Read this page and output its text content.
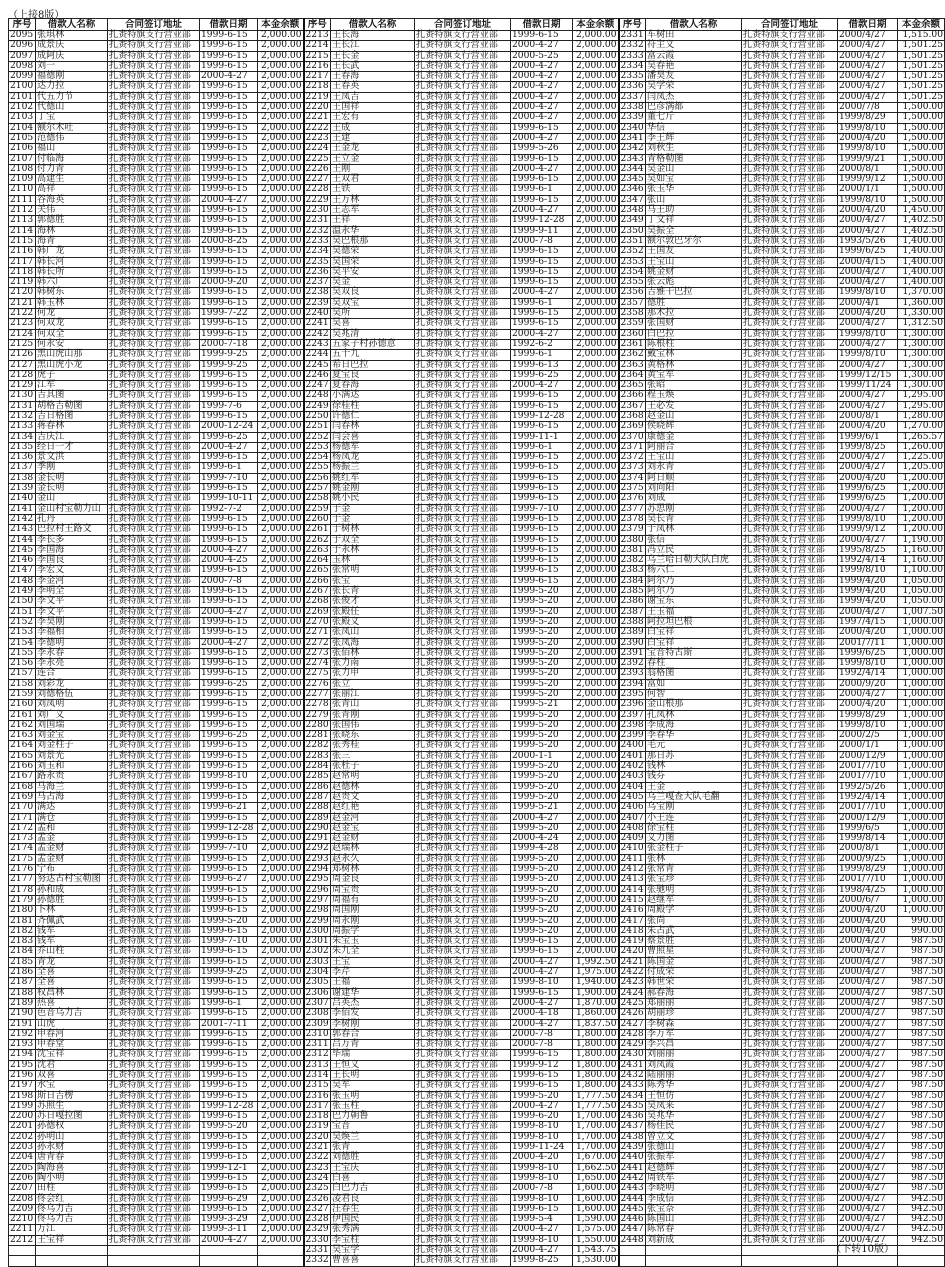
（上接8版）
序号	借款人名称	合同签订地址	借款日期	本金余额	序号	借款人名称	合同签订地址	借款日期	本金余额	序号	借款人名称	合同签订地址	借款日期	本金余额
2095	张琪林	扎赉特旗支行营业部	1999-6-15	2,000.00	2213	王长海	扎赉特旗支行营业部	1999-6-15	2,000.00	2331	车树田	扎赉特旗支行营业部	2000/4/27	1,515.00
2096	成景庆	扎赉特旗支行营业部	1999-6-15	2,000.00	2214	王长江	扎赉特旗支行营业部	2000-4-27	2,000.00	2332	符主义	扎赉特旗支行营业部	2000/4/27	1,501.25
2097	成阿庆	扎赉特旗支行营业部	1999-6-15	2,000.00	2215	王长金	扎赉特旗支行营业部	2000-5-25	2,000.00	2333	富云霞	扎赉特旗支行营业部	2000/4/27	1,501.25
2098	刘一	扎赉特旗支行营业部	1999-6-15	2,000.00	2216	王长武	扎赉特旗支行营业部	2000-4-27	2,000.00	2334	吴春艳	扎赉特旗支行营业部	2000/4/27	1,501.25
2099	福德刚	扎赉特旗支行营业部	2000-4-27	2,000.00	2217	王春海	扎赉特旗支行营业部	2000-4-27	2,000.00	2335	潘昊友	扎赉特旗支行营业部	2000/4/27	1,501.25
2100	达力拉	扎赉特旗支行营业部	1999-6-15	2,000.00	2218	王春英	扎赉特旗支行营业部	2000-4-27	2,000.00	2336	吴学荣	扎赉特旗支行营业部	2000/4/27	1,501.25
2101	代五力节	扎赉特旗支行营业部	1999-6-15	2,000.00	2219	王凤吉	扎赉特旗支行营业部	2000-4-27	2,000.00	2337	闫凤杰	扎赉特旗支行营业部	2000/4/27	1,501.25
2102	代德山	扎赉特旗支行营业部	1999-6-15	2,000.00	2220	王国祥	扎赉特旗支行营业部	2000-4-27	2,000.00	2338	巴彦满都	扎赉特旗支行营业部	2000/7/8	1,500.00
2103	丁宝	扎赉特旗支行营业部	1999-6-15	2,000.00	2221	王宏有	扎赉特旗支行营业部	2000-4-27	2,000.00	2339	董七斤	扎赉特旗支行营业部	1999/8/29	1,500.00
2104	额尔木吐	扎赉特旗支行营业部	1999-6-15	2,000.00	2222	王成	扎赉特旗支行营业部	1999-6-15	2,000.00	2340	华信	扎赉特旗支行营业部	1999/8/10	1,500.00
2105	范德伟	扎赉特旗支行营业部	1999-6-15	2,000.00	2223	王建	扎赉特旗支行营业部	2000-4-27	2,000.00	2341	李王辉	扎赉特旗支行营业部	2000/4/20	1,500.00
2106	福山	扎赉特旗支行营业部	1999-6-15	2,000.00	2224	王金龙	扎赉特旗支行营业部	1999-5-26	2,000.00	2342	刘秋生	扎赉特旗支行营业部	1999/8/10	1,500.00
2107	付临海	扎赉特旗支行营业部	1999-6-15	2,000.00	2225	王立金	扎赉特旗支行营业部	1999-6-15	2,000.00	2343	青格勒图	扎赉特旗支行营业部	1999/9/21	1,500.00
2108	付力青	扎赉特旗支行营业部	1999-6-15	2,000.00	2226	王刚	扎赉特旗支行营业部	2000-4-27	2,000.00	2344	吴金山	扎赉特旗支行营业部	2000/8/1	1,500.00
2109	高建生	扎赉特旗支行营业部	1999-6-15	2,000.00	2227	王双君	扎赉特旗支行营业部	1999-6-15	2,000.00	2345	吴如宝	扎赉特旗支行营业部	1999/9/12	1,500.00
2110	高祥	扎赉特旗支行营业部	1999-6-15	2,000.00	2228	王铁	扎赉特旗支行营业部	1999-6-1	2,000.00	2346	张玉华	扎赉特旗支行营业部	2000/1/1	1,500.00
2111	谷海英	扎赉特旗支行营业部	2000-4-27	2,000.00	2229	王万林	扎赉特旗支行营业部	1999-6-15	2,000.00	2347	张山	扎赉特旗支行营业部	1999/8/10	1,500.00
2112	关伟	扎赉特旗支行营业部	1999-6-15	2,000.00	2230	王志军	扎赉特旗支行营业部	2000-4-27	2,000.00	2348	马王助	扎赉特旗支行营业部	2000/4/20	1,450.00
2113	郭德胜	扎赉特旗支行营业部	1999-6-15	2,000.00	2231	王祥	扎赉特旗支行营业部	1999-12-28	2,000.00	2349	丁文祥	扎赉特旗支行营业部	2000/4/27	1,402.50
2114	海林	扎赉特旗支行营业部	1999-6-15	2,000.00	2232	温永华	扎赉特旗支行营业部	1999-9-11	2,000.00	2350	吴振全	扎赉特旗支行营业部	2000/4/27	1,402.50
2115	海青	扎赉特旗支行营业部	2000-8-25	2,000.00	2233	吴巴根那	扎赉特旗支行营业部	2000-7-8	2,000.00	2351	额尔敦巴牙尔	扎赉特旗支行营业部	1993/5/26	1,400.00
2116	韩广龙	扎赉特旗支行营业部	1999-6-15	2,000.00	2234	吴德荣	扎赉特旗支行营业部	1999-6-15	2,000.00	2352	王国友	扎赉特旗支行营业部	1999/6/25	1,400.00
2117	韩长河	扎赉特旗支行营业部	1999-6-15	2,000.00	2235	吴国荣	扎赉特旗支行营业部	1999-6-15	2,000.00	2353	王宝山	扎赉特旗支行营业部	2000/4/15	1,400.00
2118	韩长所	扎赉特旗支行营业部	1999-6-15	2,000.00	2236	吴平安	扎赉特旗支行营业部	1999-6-15	2,000.00	2354	姚金财	扎赉特旗支行营业部	2000/4/27	1,400.00
2119	韩六广	扎赉特旗支行营业部	2000-9-20	2,000.00	2237	吴金	扎赉特旗支行营业部	1999-6-15	2,000.00	2355	张云彪	扎赉特旗支行营业部	2000/4/27	1,400.00
2120	韩树东	扎赉特旗支行营业部	1999-6-15	2,000.00	2238	吴双良	扎赉特旗支行营业部	2000-4-27	2,000.00	2356	吉雅干巴拉	扎赉特旗支行营业部	1999/8/10	1,370.00
2121	韩玉林	扎赉特旗支行营业部	1999-6-15	2,000.00	2239	吴双宝	扎赉特旗支行营业部	1999-6-1	2,000.00	2357	德胜	扎赉特旗支行营业部	2000/4/1	1,360.00
2122	何龙	扎赉特旗支行营业部	1999-7-22	2,000.00	2240	吴所	扎赉特旗支行营业部	1999-6-15	2,000.00	2358	那木拉	扎赉特旗支行营业部	2000/4/20	1,330.00
2123	何双龙	扎赉特旗支行营业部	1999-6-15	2,000.00	2241	吴喜	扎赉特旗支行营业部	1999-6-15	2,000.00	2359	张国财	扎赉特旗支行营业部	2000/4/27	1,312.50
2124	何双全	扎赉特旗支行营业部	1999-6-15	2,000.00	2242	吴兆清	扎赉特旗支行营业部	2000-4-27	2,000.00	2360	白巴拉	扎赉特旗支行营业部	1999/8/10	1,300.00
2125	何永安	扎赉特旗支行营业部	2000-7-18	2,000.00	2243	五家子村孙德意	扎赉特旗支行营业部	1992-6-2	2,000.00	2361	陈根柱	扎赉特旗支行营业部	2000/4/27	1,300.00
2126	黑山虎山那	扎赉特旗支行营业部	1999-9-25	2,000.00	2244	五十九	扎赉特旗支行营业部	1999-6-1	2,000.00	2362	戴宝林	扎赉特旗支行营业部	1999/8/10	1,300.00
2127	黑山虎小龙	扎赉特旗支行营业部	1999-9-25	2,000.00	2245	希日巴拉	扎赉特旗支行营业部	1999-6-13	2,000.00	2363	黄格林	扎赉特旗支行营业部	2000/4/27	1,300.00
2128	虎子	扎赉特旗支行营业部	1999-6-15	2,000.00	2246	夏宝良	扎赉特旗支行营业部	1999-6-25	2,000.00	2364	黄宝军	扎赉特旗支行营业部	1999/12/15	1,300.00
2129	江军	扎赉特旗支行营业部	1999-6-15	2,000.00	2247	夏春海	扎赉特旗支行营业部	2000-4-27	2,000.00	2365	张昭	扎赉特旗支行营业部	1999/11/24	1,300.00
2130	吉其图	扎赉特旗支行营业部	1999-6-15	2,000.00	2248	小满达	扎赉特旗支行营业部	1999-6-15	2,000.00	2366	程玉焕	扎赉特旗支行营业部	2000/4/27	1,295.00
2131	胡格吉勒图	扎赉特旗支行营业部	1999-7-6	2,000.00	2249	徐桂柱	扎赉特旗支行营业部	1999-6-15	2,000.00	2367	王必发	扎赉特旗支行营业部	2000/4/27	1,295.00
2132	吉日格图	扎赉特旗支行营业部	1999-6-15	2,000.00	2250	许德仁	扎赉特旗支行营业部	1999-12-28	2,000.00	2368	赵金山	扎赉特旗支行营业部	2000/8/1	1,280.00
2133	蒋春林	扎赉特旗支行营业部	2000-12-24	2,000.00	2251	闫春林	扎赉特旗支行营业部	1999-6-15	2,000.00	2369	侯晓辉	扎赉特旗支行营业部	2000/4/20	1,270.00
2134	吉庆江	扎赉特旗支行营业部	1999-6-25	2,000.00	2252	闫会喜	扎赉特旗支行营业部	1999-11-1	2,000.00	2370	康德金	扎赉特旗支行营业部	1999/6/1	1,265.57
2135	经日一才	扎赉特旗支行营业部	2000-4-27	2,000.00	2253	杨德军	扎赉特旗支行营业部	1999-6-1	2,000.00	2371	阿丽合	扎赉特旗支行营业部	1999/8/25	1,260.00
2136	景文洪	扎赉特旗支行营业部	1999-6-15	2,000.00	2254	杨凤龙	扎赉特旗支行营业部	1999-6-15	2,000.00	2372	王宝山	扎赉特旗支行营业部	2000/4/27	1,225.00
2137	季刚	扎赉特旗支行营业部	1999-6-1	2,000.00	2255	杨振兰	扎赉特旗支行营业部	1999-6-15	2,000.00	2373	刘永青	扎赉特旗支行营业部	2000/4/27	1,205.00
2138	金长明	扎赉特旗支行营业部	1999-7-10	2,000.00	2256	姚红军	扎赉特旗支行营业部	1999-6-15	2,000.00	2374	阿日顺	扎赉特旗支行营业部	2000/4/20	1,200.00
2139	金长明	扎赉特旗支行营业部	1999-6-15	2,000.00	2257	姚金刚	扎赉特旗支行营业部	1999-6-15	2,000.00	2375	刘向阳	扎赉特旗支行营业部	1999/6/25	1,200.00
2140	金山	扎赉特旗支行营业部	1999-10-11	2,000.00	2258	姚小民	扎赉特旗支行营业部	1999-6-15	2,000.00	2376	刘成	扎赉特旗支行营业部	1999/6/25	1,200.00
2141	金山村宝勒力山	扎赉特旗支行营业部	1992-7-2	2,000.00	2259	于金	扎赉特旗支行营业部	1999-7-10	2,000.00	2377	苏思刚	扎赉特旗支行营业部	2000/4/27	1,200.00
2142	孔丹	扎赉特旗支行营业部	1999-6-15	2,000.00	2260	于金	扎赉特旗支行营业部	1999-6-15	2,000.00	2378	吴长青	扎赉特旗支行营业部	1999/8/10	1,200.00
2143	巴拉村王路文	扎赉特旗支行营业部	1999-6-15	2,000.00	2261	于树林	扎赉特旗支行营业部	1999-6-15	2,000.00	2379	于凤林	扎赉特旗支行营业部	1999/9/12	1,200.00
2144	李长多	扎赉特旗支行营业部	1999-6-15	2,000.00	2262	于双全	扎赉特旗支行营业部	1999-6-15	2,000.00	2380	张信	扎赉特旗支行营业部	2000/4/27	1,190.00
2145	李国海	扎赉特旗支行营业部	2000-4-27	2,000.00	2263	于永林	扎赉特旗支行营业部	1999-6-15	2,000.00	2381	冯立民	扎赉特旗支行营业部	1995/8/25	1,160.00
2146	李国良	扎赉特旗支行营业部	2000-4-25	2,000.00	2264	玉林	扎赉特旗支行营业部	1999-6-15	2,000.00	2382	乌兰哈日勒大队白虎	扎赉特旗支行营业部	1992/4/14	1,160.00
2147	李宏义	扎赉特旗支行营业部	1999-6-15	2,000.00	2265	张常明	扎赉特旗支行营业部	1999-6-15	2,000.00	2383	杨六仁	扎赉特旗支行营业部	1999/8/10	1,100.00
2148	李金河	扎赉特旗支行营业部	2000-7-8	2,000.00	2266	张宝	扎赉特旗支行营业部	1999-6-15	2,000.00	2384	阿尔乃	扎赉特旗支行营业部	1999/4/20	1,050.00
2149	李明全	扎赉特旗支行营业部	1999-6-15	2,000.00	2267	张长青	扎赉特旗支行营业部	1999-5-20	2,000.00	2385	阿尔乃	扎赉特旗支行营业部	1999/4/20	1,050.00
2150	李文平	扎赉特旗支行营业部	1999-6-15	2,000.00	2268	张俊才	扎赉特旗支行营业部	1999-5-20	2,000.00	2386	谢宝东	扎赉特旗支行营业部	1999/4/20	1,050.00
2151	李文平	扎赉特旗支行营业部	2000-4-27	2,000.00	2269	张殿任	扎赉特旗支行营业部	1999-5-20	2,000.00	2387	王玉福	扎赉特旗支行营业部	2000/4/27	1,007.50
2152	李昊刚	扎赉特旗支行营业部	1999-6-15	2,000.00	2270	张殿义	扎赉特旗支行营业部	1999-5-20	2,000.00	2388	阿拉坦巴根	扎赉特旗支行营业部	1997/4/15	1,000.00
2153	李福相	扎赉特旗支行营业部	1999-6-15	2,000.00	2271	张凤山	扎赉特旗支行营业部	1999-5-20	2,000.00	2389	白宝祥	扎赉特旗支行营业部	2000/4/20	1,000.00
2154	李德明	扎赉特旗支行营业部	2000-4-27	2,000.00	2272	张凤海	扎赉特旗支行营业部	1999-5-20	2,000.00	2390	白宝祥	扎赉特旗支行营业部	2001/7/11	1,000.00
2155	李永春	扎赉特旗支行营业部	1999-6-15	2,000.00	2273	张佰林	扎赉特旗支行营业部	1999-5-20	2,000.00	2391	宝音特古斯	扎赉特旗支行营业部	1999/6/25	1,000.00
2156	李永亮	扎赉特旗支行营业部	1999-6-15	2,000.00	2274	张力南	扎赉特旗支行营业部	1999-5-20	2,000.00	2392	春柱	扎赉特旗支行营业部	1999/8/10	1,000.00
2157	连合	扎赉特旗支行营业部	1999-6-15	2,000.00	2275	张力申	扎赉特旗支行营业部	1999-5-20	2,000.00	2393	翁格图	扎赉特旗支行营业部	1992/4/14	1,000.00
2158	刘彩龙	扎赉特旗支行营业部	1999-6-25	2,000.00	2276	张立	扎赉特旗支行营业部	1999-5-20	2,000.00	2394	富如	扎赉特旗支行营业部	2000/9/20	1,000.00
2159	刘德格伍	扎赉特旗支行营业部	1999-6-15	2,000.00	2277	张丽江	扎赉特旗支行营业部	1999-5-20	2,000.00	2395	何智	扎赉特旗支行营业部	2000/4/27	1,000.00
2160	刘凤明	扎赉特旗支行营业部	1999-6-15	2,000.00	2278	张青山	扎赉特旗支行营业部	1999-5-21	2,000.00	2396	金山根那	扎赉特旗支行营业部	2000/4/20	1,000.00
2161	刘广义	扎赉特旗支行营业部	1999-6-15	2,000.00	2279	张青刚	扎赉特旗支行营业部	1999-5-20	2,000.00	2397	孔凤林	扎赉特旗支行营业部	1999/8/29	1,000.00
2162	刘国瑞	扎赉特旗支行营业部	1999-6-15	2,000.00	2280	张国伟	扎赉特旗支行营业部	1999-5-20	2,000.00	2398	李成海	扎赉特旗支行营业部	1999/8/10	1,000.00
2163	刘金宝	扎赉特旗支行营业部	1999-6-25	2,000.00	2281	张晓东	扎赉特旗支行营业部	1999-5-20	2,000.00	2399	李春华	扎赉特旗支行营业部	2000/2/5	1,000.00
2164	刘金柱子	扎赉特旗支行营业部	1999-6-15	2,000.00	2282	张秀桂	扎赉特旗支行营业部	1999-5-20	2,000.00	2400	毛元	扎赉特旗支行营业部	2000/1/1	1,000.00
2165	刘景光	扎赉特旗支行营业部	1999-6-15	2,000.00	2283	张三	扎赉特旗支行营业部	2000-1-1	2,000.00	2401	那日苏	扎赉特旗支行营业部	2000/12/9	1,000.00
2166	刘玉和	扎赉特旗支行营业部	1999-6-15	2,000.00	2284	张杜子	扎赉特旗支行营业部	1999-5-20	2,000.00	2402	钱林	扎赉特旗支行营业部	2001/7/10	1,000.00
2167	路永贵	扎赉特旗支行营业部	1999-8-10	2,000.00	2285	赵常明	扎赉特旗支行营业部	1999-5-20	2,000.00	2403	钱芬	扎赉特旗支行营业部	2001/7/10	1,000.00
2168	马海兰	扎赉特旗支行营业部	1999-6-15	2,000.00	2286	赵德林	扎赉特旗支行营业部	1999-5-20	2,000.00	2404	王金	扎赉特旗支行营业部	1992/5/26	1,000.00
2169	马占海	扎赉特旗支行营业部	1999-6-15	2,000.00	2287	赵贵文	扎赉特旗支行营业部	1999-5-20	2,000.00	2405	乌兰嘎查大队毛翻	扎赉特旗支行营业部	1992/4/14	1,000.00
2170	满达	扎赉特旗支行营业部	1999-6-21	2,000.00	2288	赵红艳	扎赉特旗支行营业部	1999-5-21	2,000.00	2406	乌宝刚	扎赉特旗支行营业部	2001/7/10	1,000.00
2171	满仓	扎赉特旗支行营业部	1999-6-15	2,000.00	2289	赵金河	扎赉特旗支行营业部	2000-4-27	2,000.00	2407	小王连	扎赉特旗支行营业部	2000/12/9	1,000.00
2172	孟和	扎赉特旗支行营业部	1999-12-28	2,000.00	2290	赵金宝	扎赉特旗支行营业部	1999-5-20	2,000.00	2408	徐宝柱	扎赉特旗支行营业部	1999/6/5	1,000.00
2173	孟金	扎赉特旗支行营业部	1999-6-15	2,000.00	2291	赵金财	扎赉特旗支行营业部	2000-4-24	2,000.00	2409	义力图	扎赉特旗支行营业部	1999/8/14	1,000.00
2174	孟金财	扎赉特旗支行营业部	1999-7-10	2,000.00	2292	赵瑞林	扎赉特旗支行营业部	1999-4-28	2,000.00	2410	张金柱子	扎赉特旗支行营业部	2000/8/1	1,000.00
2175	孟金财	扎赉特旗支行营业部	1999-6-15	2,000.00	2293	赵永久	扎赉特旗支行营业部	1999-5-20	2,000.00	2411	张林	扎赉特旗支行营业部	2000/9/25	1,000.00
2176	宁布	扎赉特旗支行营业部	1999-6-15	2,000.00	2294	郑树林	扎赉特旗支行营业部	1999-5-20	2,000.00	2412	张常青	扎赉特旗支行营业部	1999/8/29	1,000.00
2177	努达古村宝勒图	扎赉特旗支行营业部	1999-6-27	2,000.00	2295	周金良	扎赉特旗支行营业部	1999-5-20	2,000.00	2413	张宝珍	扎赉特旗支行营业部	2001/7/10	1,000.00
2178	孙和成	扎赉特旗支行营业部	1999-6-15	2,000.00	2296	周宝贵	扎赉特旗支行营业部	1999-5-20	2,000.00	2414	张驰明	扎赉特旗支行营业部	1998/4/25	1,000.00
2179	孙德胜	扎赉特旗支行营业部	1999-6-15	2,000.00	2297	周福有	扎赉特旗支行营业部	1999-5-20	2,000.00	2415	赵继军	扎赉特旗支行营业部	2000/6/7	1,000.00
2180	卜林	扎赉特旗支行营业部	1999-6-15	2,000.00	2298	周国刚	扎赉特旗支行营业部	1999-5-20	2,000.00	2416	周殿学	扎赉特旗支行营业部	2000/4/20	1,000.00
2181	齐佩武	扎赉特旗支行营业部	1999-5-20	2,000.00	2299	周永刚	扎赉特旗支行营业部	1999-5-20	2,000.00	2417	张尚	扎赉特旗支行营业部	2000/4/20	990.00
2182	钱军	扎赉特旗支行营业部	1999-6-15	2,000.00	2300	周振学	扎赉特旗支行营业部	1999-5-20	2,000.00	2418	朱占武	扎赉特旗支行营业部	2000/4/20	990.00
2183	钱军	扎赉特旗支行营业部	1999-7-10	2,000.00	2301	朱宝玉	扎赉特旗支行营业部	1999-6-15	2,000.00	2419	蔡景胜	扎赉特旗支行营业部	2000/4/27	987.50
2184	乔山柱	扎赉特旗支行营业部	1999-6-15	2,000.00	2302	朱九全	扎赉特旗支行营业部	1999-6-15	2,000.00	2420	曹照星	扎赉特旗支行营业部	2000/4/27	987.50
2185	青龙	扎赉特旗支行营业部	1999-6-15	2,000.00	2303	王宝	扎赉特旗支行营业部	2000-4-27	1,992.50	2421	陈国金	扎赉特旗支行营业部	2000/4/27	987.50
2186	全喜	扎赉特旗支行营业部	1999-9-25	2,000.00	2304	李芹	扎赉特旗支行营业部	2000-4-27	1,975.00	2422	付成荣	扎赉特旗支行营业部	2000/4/27	987.50
2187	全喜	扎赉特旗支行营业部	1999-6-15	2,000.00	2305	王福	扎赉特旗支行营业部	1999-8-10	1,940.00	2423	韩世荣	扎赉特旗支行营业部	2000/4/27	987.50
2188	权昌林	扎赉特旗支行营业部	1999-6-15	2,000.00	2306	谢建华	扎赉特旗支行营业部	1999-6-15	1,900.00	2424	郝春海	扎赉特旗支行营业部	2000/4/27	987.50
2189	热喜	扎赉特旗支行营业部	1999-6-1	2,000.00	2307	吕英杰	扎赉特旗支行营业部	2000-4-27	1,870.00	2425	郑丽丽	扎赉特旗支行营业部	2000/4/27	987.50
2190	色音乌力吉	扎赉特旗支行营业部	1999-6-15	2,000.00	2308	李佰发	扎赉特旗支行营业部	2000-4-18	1,860.00	2426	胡丽珍	扎赉特旗支行营业部	2000/4/27	987.50
2191	山虎	扎赉特旗支行营业部	2001-7-11	2,000.00	2309	李树刚	扎赉特旗支行营业部	2000-4-27	1,837.50	2427	李树森	扎赉特旗支行营业部	2000/4/27	987.50
2192	申春河	扎赉特旗支行营业部	1999-6-15	2,000.00	2310	郭春合	扎赉特旗支行营业部	2000-7-8	1,800.00	2428	李万军	扎赉特旗支行营业部	2000/4/27	987.50
2193	申春堂	扎赉特旗支行营业部	1999-6-15	2,000.00	2311	吕万青	扎赉特旗支行营业部	2000-7-8	1,800.00	2429	李兴昌	扎赉特旗支行营业部	2000/4/27	987.50
2194	沈宝祥	扎赉特旗支行营业部	1999-6-15	2,000.00	2312	毕瑞	扎赉特旗支行营业部	1999-6-15	1,800.00	2430	刘丽丽	扎赉特旗支行营业部	2000/4/27	987.50
2195	沈君	扎赉特旗支行营业部	1999-6-15	2,000.00	2313	王恒义	扎赉特旗支行营业部	1999-9-12	1,800.00	2431	刘凤霞	扎赉特旗支行营业部	2000/4/27	987.50
2196	双喜	扎赉特旗支行营业部	1999-6-15	2,000.00	2314	王长明	扎赉特旗支行营业部	1999-6-15	1,800.00	2432	陆丽丽	扎赉特旗支行营业部	2000/4/27	987.50
2197	水宝	扎赉特旗支行营业部	1999-6-15	2,000.00	2315	吴军	扎赉特旗支行营业部	1999-6-15	1,800.00	2433	陈秀华	扎赉特旗支行营业部	2000/4/27	987.50
2198	斯日吉楞	扎赉特旗支行营业部	1999-6-15	2,000.00	2316	张玉明	扎赉特旗支行营业部	1999-5-20	1,777.50	2434	王恒仿	扎赉特旗支行营业部	2000/4/27	987.50
2199	苏照生	扎赉特旗支行营业部	1999-12-28	2,000.00	2317	张玉柱	扎赉特旗支行营业部	2000-4-27	1,777.50	2435	吴凤来	扎赉特旗支行营业部	2000/4/27	987.50
2200	苏日嘎拉图	扎赉特旗支行营业部	1999-6-15	2,000.00	2318	巴力朝鲁	扎赉特旗支行营业部	1999-6-20	1,700.00	2436	吴兆华	扎赉特旗支行营业部	2000/4/27	987.50
2201	孙德权	扎赉特旗支行营业部	1999-5-20	2,000.00	2319	宝音	扎赉特旗支行营业部	1999-8-10	1,700.00	2437	杨佳民	扎赉特旗支行营业部	2000/4/27	987.50
2202	孙明山	扎赉特旗支行营业部	1999-6-15	2,000.00	2320	吴焕兰	扎赉特旗支行营业部	1999-8-10	1,700.00	2438	曾立文	扎赉特旗支行营业部	2000/4/27	987.50
2203	孙永财	扎赉特旗支行营业部	1999-6-15	2,000.00	2321	张青	扎赉特旗支行营业部	1999-11-24	1,700.00	2439	张德山	扎赉特旗支行营业部	2000/4/27	987.50
2204	唐青春	扎赉特旗支行营业部	1999-6-15	2,000.00	2322	刘德胜	扎赉特旗支行营业部	2000-4-20	1,670.00	2440	张振军	扎赉特旗支行营业部	2000/4/27	987.50
2205	陶海喜	扎赉特旗支行营业部	1999-12-1	2,000.00	2323	王宝庆	扎赉特旗支行营业部	1999-8-10	1,662.50	2441	赵德辉	扎赉特旗支行营业部	2000/4/27	987.50
2206	陶小明	扎赉特旗支行营业部	1999-6-15	2,000.00	2324	白喜	扎赉特旗支行营业部	1999-8-10	1,650.00	2442	周铁军	扎赉特旗支行营业部	2000/4/27	987.50
2207	田柱	扎赉特旗支行营业部	1999-6-15	2,000.00	2325	白巴力吉	扎赉特旗支行营业部	2000-7-8	1,600.00	2443	李晓明	扎赉特旗支行营业部	2000/4/27	987.50
2208	佟会红	扎赉特旗支行营业部	1999-6-29	2,000.00	2326	凌君良	扎赉特旗支行营业部	1999-8-10	1,600.00	2444	李成信	扎赉特旗支行营业部	2000/4/27	942.50
2209	佟乌力吉	扎赉特旗支行营业部	1999-6-15	2,000.00	2327	汪春生	扎赉特旗支行营业部	1999-6-15	1,600.00	2445	张宝奈	扎赉特旗支行营业部	2000/4/27	942.50
2210	佟乌力吉	扎赉特旗支行营业部	1999-3-29	2,000.00	2328	伊国民	扎赉特旗支行营业部	1999-5-4	1,590.00	2446	陈国山	扎赉特旗支行营业部	2000/4/27	942.50
2211	万江	扎赉特旗支行营业部	1999-3-11	2,000.00	2329	张秀满	扎赉特旗支行营业部	2000-4-27	1,575.00	2447	陈常春	扎赉特旗支行营业部	2000/4/27	942.50
2212	王宝祥	扎赉特旗支行营业部	2000-4-27	2,000.00	2330	李宝柱	扎赉特旗支行营业部	1999-8-10	1,550.00	2448	刘新成	扎赉特旗支行营业部	2000/4/27	942.50
					2331	吴宝学	扎赉特旗支行营业部	2000-4-27	1,543.75					
					2332	曹喜喜	扎赉特旗支行营业部	1999-8-25	1,530.00					
（下转10版）
